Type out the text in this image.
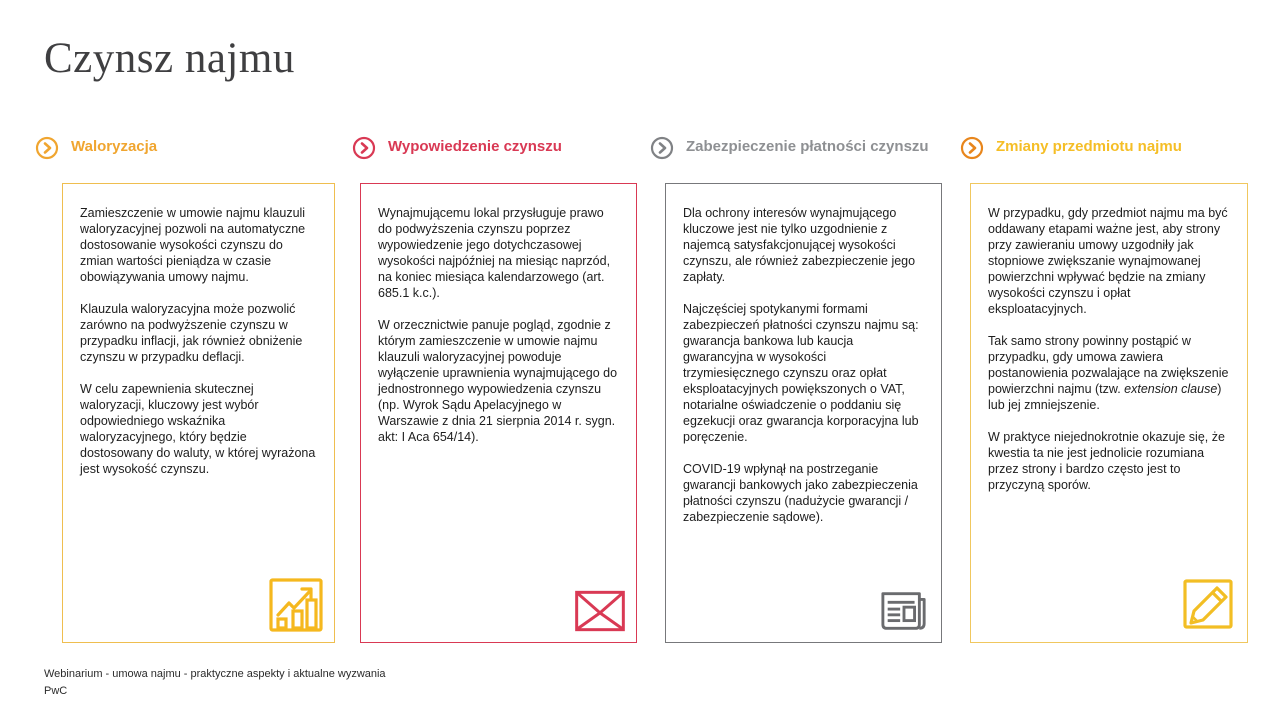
Czynsz najmu
Waloryzacja

Zamieszczenie w umowie najmu klauzuli waloryzacyjnej pozwoli na automatyczne dostosowanie wysokości czynszu do zmian wartości pieniądza w czasie obowiązywania umowy najmu.

Klauzula waloryzacyjna może pozwolić zarówno na podwyższenie czynszu w przypadku inflacji, jak również obniżenie czynszu w przypadku deflacji.

W celu zapewnienia skutecznej waloryzacji, kluczowy jest wybór odpowiedniego wskaźnika waloryzacyjnego, który będzie dostosowany do waluty, w której wyrażona jest wysokość czynszu.

Wypowiedzenie czynszu

Wynajmującemu lokal przysługuje prawo do podwyższenia czynszu poprzez wypowiedzenie jego dotychczasowej wysokości najpóźniej na miesiąc naprzód, na koniec miesiąca kalendarzowego (art. 685.1 k.c.).

W orzecznictwie panuje pogląd, zgodnie z którym zamieszczenie w umowie najmu klauzuli waloryzacyjnej powoduje wyłączenie uprawnienia wynajmującego do jednostronnego wypowiedzenia czynszu (np. Wyrok Sądu Apelacyjnego w Warszawie z dnia 21 sierpnia 2014 r. sygn. akt: I Aca 654/14).

Zabezpieczenie płatności czynszu

Dla ochrony interesów wynajmującego kluczowe jest nie tylko uzgodnienie z najemcą satysfakcjonującej wysokości czynszu, ale również zabezpieczenie jego zapłaty.

Najczęściej spotykanymi formami zabezpieczeń płatności czynszu najmu są: gwarancja bankowa lub kaucja gwarancyjna w wysokości trzymiesięcznego czynszu oraz opłat eksploatacyjnych powiększonych o VAT, notarialne oświadczenie o poddaniu się egzekucji oraz gwarancja korporacyjna lub poręczenie.

COVID-19 wpłynął na postrzeganie gwarancji bankowych jako zabezpieczenia płatności czynszu (nadużycie gwarancji / zabezpieczenie sądowe).

Zmiany przedmiotu najmu

W przypadku, gdy przedmiot najmu ma być oddawany etapami ważne jest, aby strony przy zawieraniu umowy uzgodniły jak stopniowe zwiększanie wynajmowanej powierzchni wpływać będzie na zmiany wysokości czynszu i opłat eksploatacyjnych.

Tak samo strony powinny postąpić w przypadku, gdy umowa zawiera postanowienia pozwalające na zwiększenie powierzchni najmu (tzw. extension clause) lub jej zmniejszenie.

W praktyce niejednokrotnie okazuje się, że kwestia ta nie jest jednolicie rozumiana przez strony i bardzo często jest to przyczyną sporów.

Webinarium - umowa najmu - praktyczne aspekty i aktualne wyzwania
PwC
